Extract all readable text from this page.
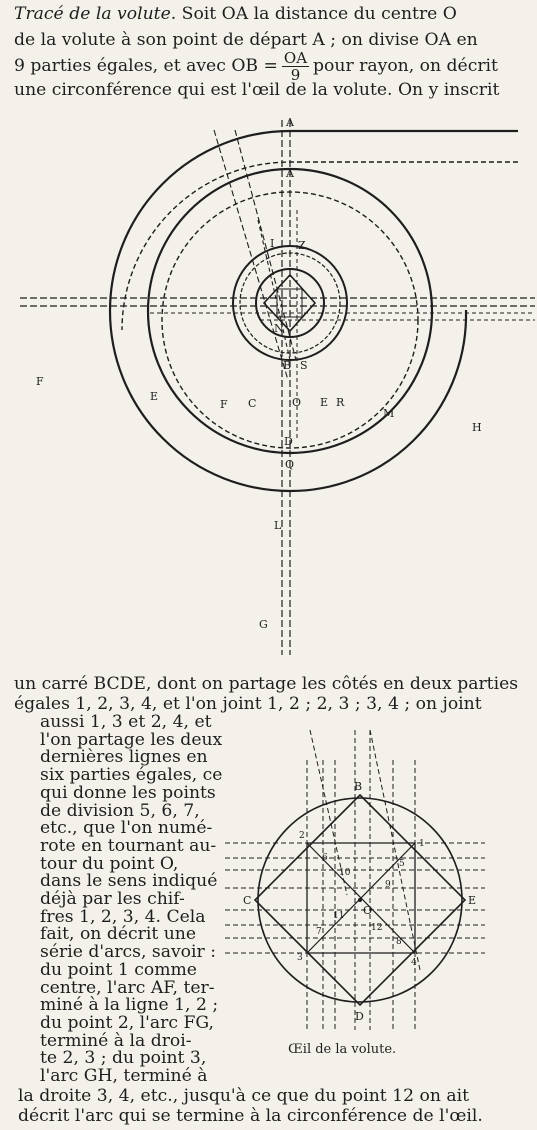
Tracé de la volute. Soit OA la distance du centre O
de la volute à son point de départ A ; on divise OA en
9 parties égales, et avec OB = $\frac{OA}{9}$ pour rayon, on décrit
une circonférence qui est l'œil de la volute. On y inscrit
A
A
I Z
N
B S
F
E
F C	O E R
M
H
D
Q
L
G
un carré BCDE, dont on partage les côtés en deux parties
égales 1, 2, 3, 4, et l'on joint 1, 2 ; 2, 3 ; 3, 4 ; on joint
aussi 1, 3 et 2, 4, et
l'on partage les deux
dernières lignes en
six parties égales, ce
qui donne les points
de division 5, 6, 7,
etc., que l'on numé-
rote en tournant au-
tour du point O,
dans le sens indiqué
déjà par les chif-
fres 1, 2, 3, 4. Cela
fait, on décrit une
série d'arcs, savoir :
du point 1 comme
centre, l'arc AF, ter-
miné à la ligne 1, 2 ;
du point 2, l'arc FG,
terminé à la droi-
te 2, 3 ; du point 3,
l'arc GH, terminé à
B
C
D
E
O
1
2
3	4
5
6
7
8
9
10
11
12
Œil de la volute.
la droite 3, 4, etc., jusqu'à ce que du point 12 on ait
décrit l'arc qui se termine à la circonférence de l'œil.
